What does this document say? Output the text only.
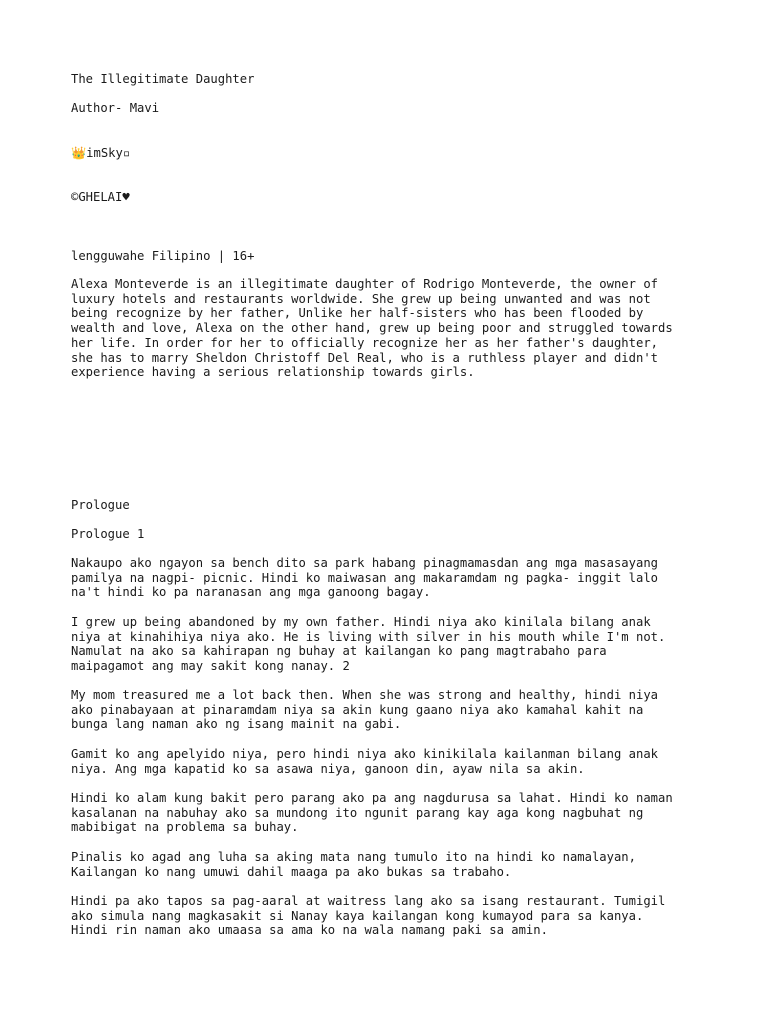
The Illegitimate Daughter

Author- Mavi

👑imSky▫

©GHELAI♥

lengguwahe Filipino | 16+

Alexa Monteverde is an illegitimate daughter of Rodrigo Monteverde, the owner of
luxury hotels and restaurants worldwide. She grew up being unwanted and was not
being recognize by her father, Unlike her half-sisters who has been flooded by
wealth and love, Alexa on the other hand, grew up being poor and struggled towards
her life. In order for her to officially recognize her as her father's daughter,
she has to marry Sheldon Christoff Del Real, who is a ruthless player and didn't
experience having a serious relationship towards girls.

Prologue

Prologue 1

Nakaupo ako ngayon sa bench dito sa park habang pinagmamasdan ang mga masasayang
pamilya na nagpi- picnic. Hindi ko maiwasan ang makaramdam ng pagka- inggit lalo
na't hindi ko pa naranasan ang mga ganoong bagay.

I grew up being abandoned by my own father. Hindi niya ako kinilala bilang anak
niya at kinahihiya niya ako. He is living with silver in his mouth while I'm not.
Namulat na ako sa kahirapan ng buhay at kailangan ko pang magtrabaho para
maipagamot ang may sakit kong nanay. 2

My mom treasured me a lot back then. When she was strong and healthy, hindi niya
ako pinabayaan at pinaramdam niya sa akin kung gaano niya ako kamahal kahit na
bunga lang naman ako ng isang mainit na gabi.

Gamit ko ang apelyido niya, pero hindi niya ako kinikilala kailanman bilang anak
niya. Ang mga kapatid ko sa asawa niya, ganoon din, ayaw nila sa akin.

Hindi ko alam kung bakit pero parang ako pa ang nagdurusa sa lahat. Hindi ko naman
kasalanan na nabuhay ako sa mundong ito ngunit parang kay aga kong nagbuhat ng
mabibigat na problema sa buhay.

Pinalis ko agad ang luha sa aking mata nang tumulo ito na hindi ko namalayan,
Kailangan ko nang umuwi dahil maaga pa ako bukas sa trabaho.

Hindi pa ako tapos sa pag-aaral at waitress lang ako sa isang restaurant. Tumigil
ako simula nang magkasakit si Nanay kaya kailangan kong kumayod para sa kanya.
Hindi rin naman ako umaasa sa ama ko na wala namang paki sa amin.
